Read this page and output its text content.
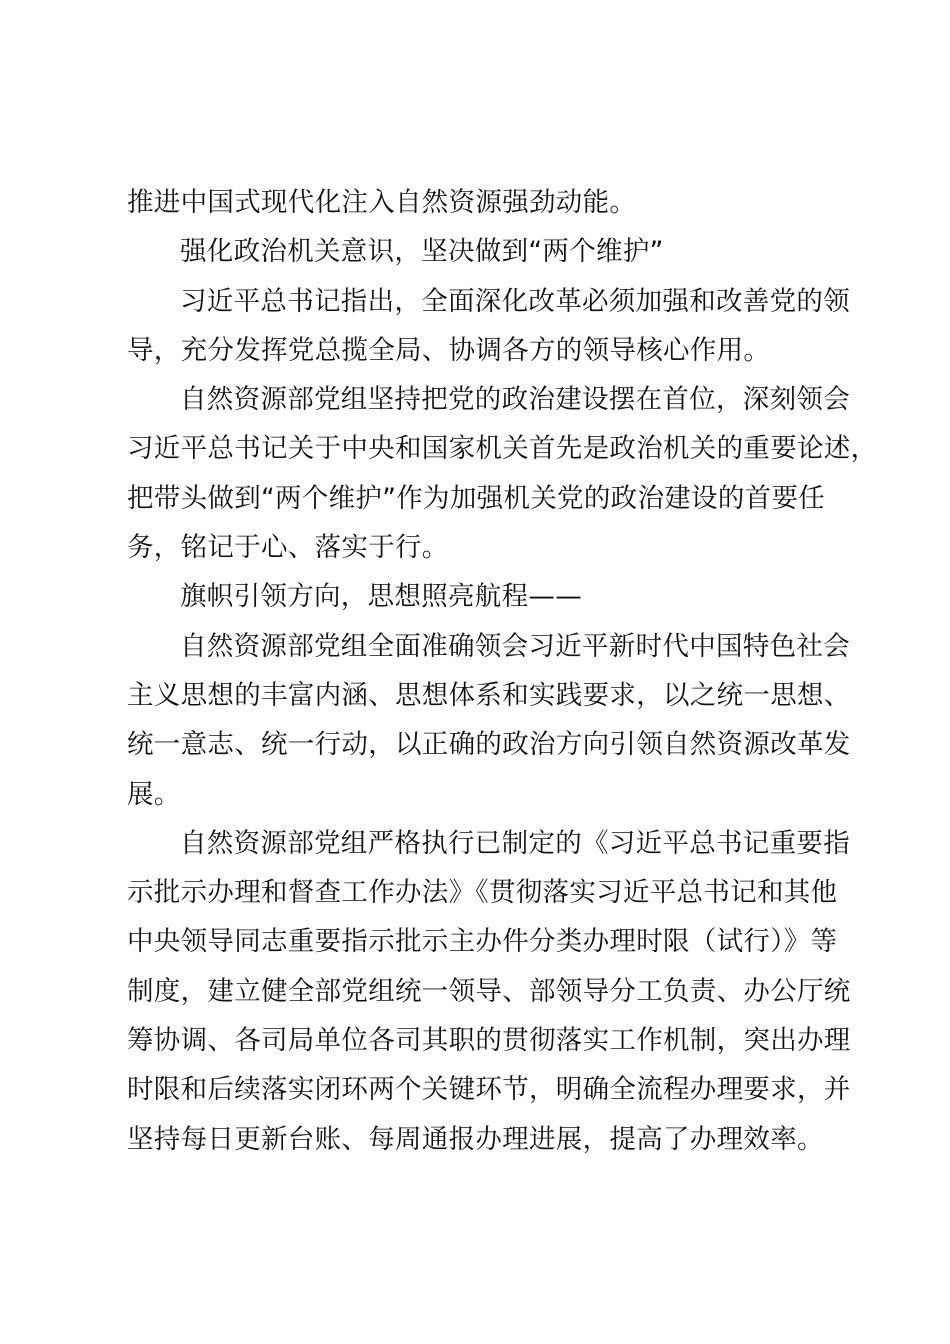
推进中国式现代化注入自然资源强劲动能。
强化政治机关意识，坚决做到“两个维护”
习近平总书记指出，全面深化改革必须加强和改善党的领
导，充分发挥党总揽全局、协调各方的领导核心作用。
自然资源部党组坚持把党的政治建设摆在首位，深刻领会
习近平总书记关于中央和国家机关首先是政治机关的重要论述，
把带头做到“两个维护”作为加强机关党的政治建设的首要任
务，铭记于心、落实于行。
旗帜引领方向，思想照亮航程——
自然资源部党组全面准确领会习近平新时代中国特色社会
主义思想的丰富内涵、思想体系和实践要求，以之统一思想、
统一意志、统一行动，以正确的政治方向引领自然资源改革发
展。
自然资源部党组严格执行已制定的《习近平总书记重要指
示批示办理和督查工作办法》《贯彻落实习近平总书记和其他
中央领导同志重要指示批示主办件分类办理时限（试行）》等
制度，建立健全部党组统一领导、部领导分工负责、办公厅统
筹协调、各司局单位各司其职的贯彻落实工作机制，突出办理
时限和后续落实闭环两个关键环节，明确全流程办理要求，并
坚持每日更新台账、每周通报办理进展，提高了办理效率。
